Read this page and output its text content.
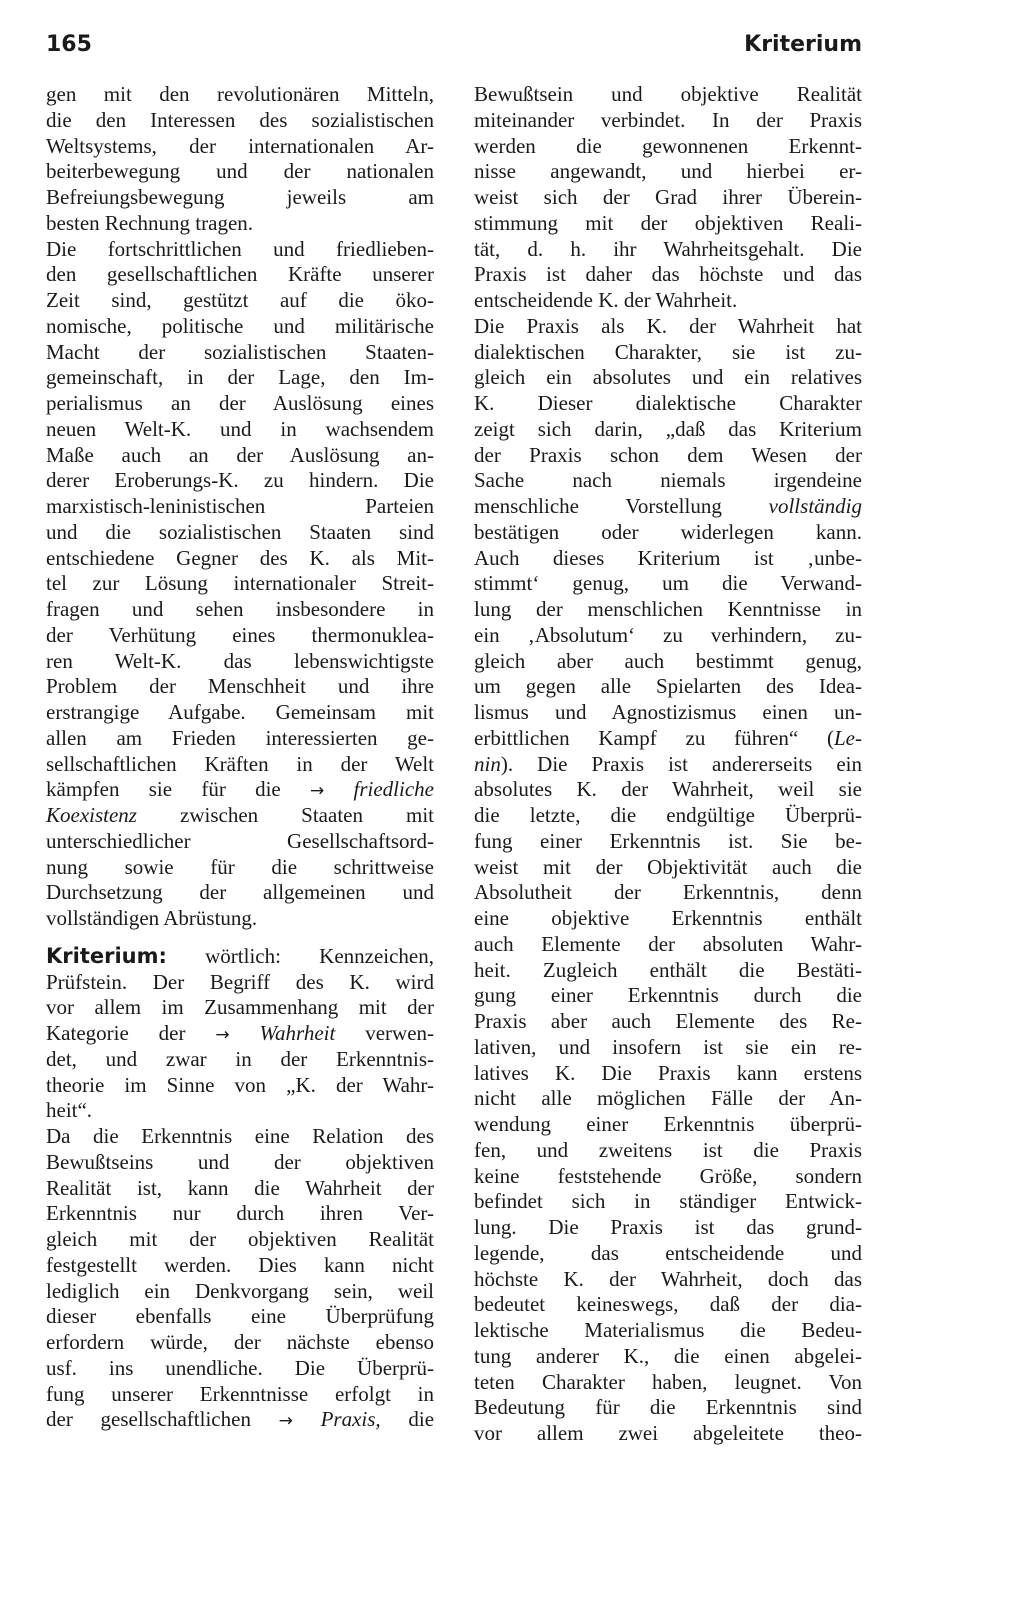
165	Kriterium
gen mit den revolutionären Mitteln,
die den Interessen des sozialistischen
Weltsystems, der internationalen Ar-
beiterbewegung und der nationalen
Befreiungsbewegung jeweils am
besten Rechnung tragen.
Die fortschrittlichen und friedlieben-
den gesellschaftlichen Kräfte unserer
Zeit sind, gestützt auf die öko-
nomische, politische und militärische
Macht der sozialistischen Staaten-
gemeinschaft, in der Lage, den Im-
perialismus an der Auslösung eines
neuen Welt-K. und in wachsendem
Maße auch an der Auslösung an-
derer Eroberungs-K. zu hindern. Die
marxistisch-leninistischen Parteien
und die sozialistischen Staaten sind
entschiedene Gegner des K. als Mit-
tel zur Lösung internationaler Streit-
fragen und sehen insbesondere in
der Verhütung eines thermonuklea-
ren Welt-K. das lebenswichtigste
Problem der Menschheit und ihre
erstrangige Aufgabe. Gemeinsam mit
allen am Frieden interessierten ge-
sellschaftlichen Kräften in der Welt
kämpfen sie für die → friedliche
Koexistenz zwischen Staaten mit
unterschiedlicher Gesellschaftsord-
nung sowie für die schrittweise
Durchsetzung der allgemeinen und
vollständigen Abrüstung.
Kriterium: wörtlich: Kennzeichen,
Prüfstein. Der Begriff des K. wird
vor allem im Zusammenhang mit der
Kategorie der → Wahrheit verwen-
det, und zwar in der Erkenntnis-
theorie im Sinne von „K. der Wahr-
heit“.
Da die Erkenntnis eine Relation des
Bewußtseins und der objektiven
Realität ist, kann die Wahrheit der
Erkenntnis nur durch ihren Ver-
gleich mit der objektiven Realität
festgestellt werden. Dies kann nicht
lediglich ein Denkvorgang sein, weil
dieser ebenfalls eine Überprüfung
erfordern würde, der nächste ebenso
usf. ins unendliche. Die Überprü-
fung unserer Erkenntnisse erfolgt in
der gesellschaftlichen → Praxis, die
Bewußtsein und objektive Realität
miteinander verbindet. In der Praxis
werden die gewonnenen Erkennt-
nisse angewandt, und hierbei er-
weist sich der Grad ihrer Überein-
stimmung mit der objektiven Reali-
tät, d. h. ihr Wahrheitsgehalt. Die
Praxis ist daher das höchste und das
entscheidende K. der Wahrheit.
Die Praxis als K. der Wahrheit hat
dialektischen Charakter, sie ist zu-
gleich ein absolutes und ein relatives
K. Dieser dialektische Charakter
zeigt sich darin, „daß das Kriterium
der Praxis schon dem Wesen der
Sache nach niemals irgendeine
menschliche Vorstellung vollständig
bestätigen oder widerlegen kann.
Auch dieses Kriterium ist ‚unbe-
stimmt‘ genug, um die Verwand-
lung der menschlichen Kenntnisse in
ein ‚Absolutum‘ zu verhindern, zu-
gleich aber auch bestimmt genug,
um gegen alle Spielarten des Idea-
lismus und Agnostizismus einen un-
erbittlichen Kampf zu führen“ (Le-
nin). Die Praxis ist andererseits ein
absolutes K. der Wahrheit, weil sie
die letzte, die endgültige Überprü-
fung einer Erkenntnis ist. Sie be-
weist mit der Objektivität auch die
Absolutheit der Erkenntnis, denn
eine objektive Erkenntnis enthält
auch Elemente der absoluten Wahr-
heit. Zugleich enthält die Bestäti-
gung einer Erkenntnis durch die
Praxis aber auch Elemente des Re-
lativen, und insofern ist sie ein re-
latives K. Die Praxis kann erstens
nicht alle möglichen Fälle der An-
wendung einer Erkenntnis überprü-
fen, und zweitens ist die Praxis
keine feststehende Größe, sondern
befindet sich in ständiger Entwick-
lung. Die Praxis ist das grund-
legende, das entscheidende und
höchste K. der Wahrheit, doch das
bedeutet keineswegs, daß der dia-
lektische Materialismus die Bedeu-
tung anderer K., die einen abgelei-
teten Charakter haben, leugnet. Von
Bedeutung für die Erkenntnis sind
vor allem zwei abgeleitete theo-
